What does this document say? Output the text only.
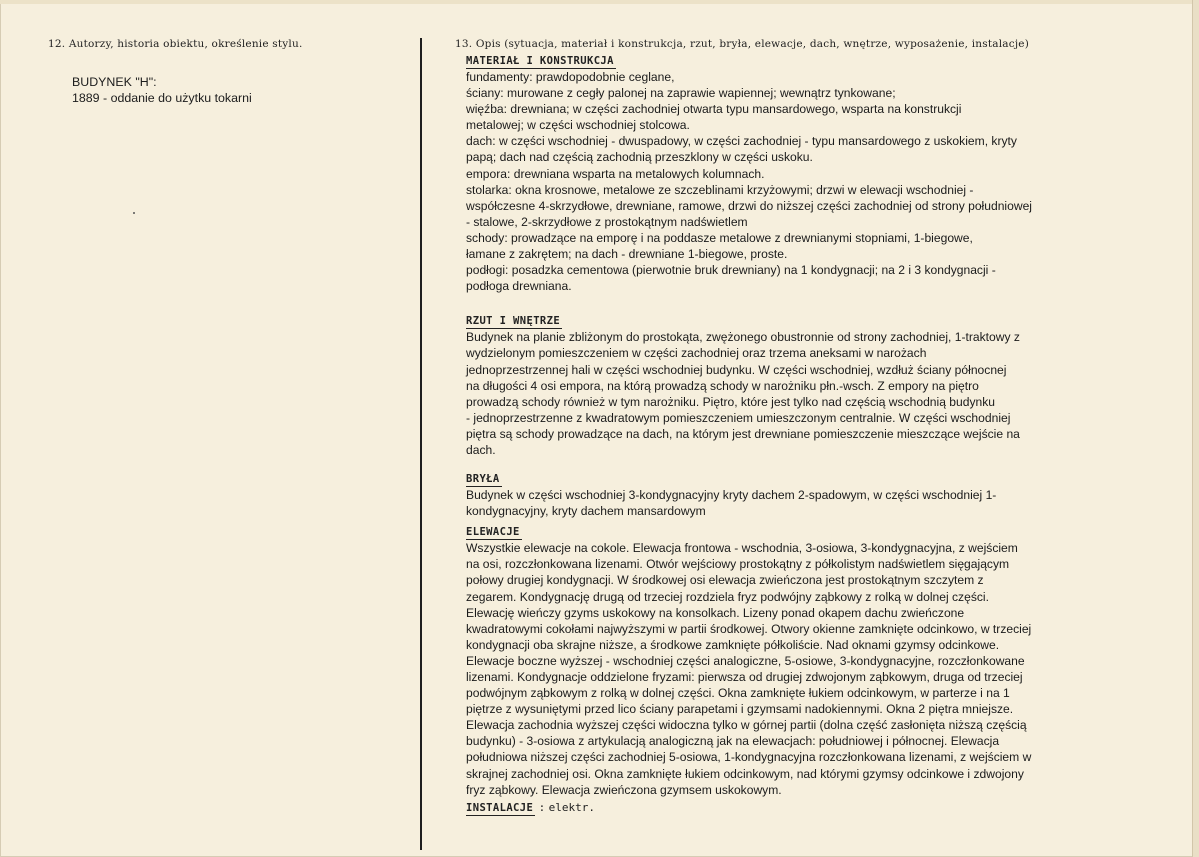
12. Autorzy, historia obiektu, określenie stylu.	13. Opis (sytuacja, materiał i konstrukcja, rzut, bryła, elewacje, dach, wnętrze, wyposażenie, instalacje)
BUDYNEK "H":
1889 - oddanie do użytku tokarni
MATERIAŁ I KONSTRUKCJA
fundamenty: prawdopodobnie ceglane,
ściany: murowane z cegły palonej na zaprawie wapiennej; wewnątrz tynkowane;
więźba: drewniana; w części zachodniej otwarta typu mansardowego, wsparta na konstrukcji
metalowej; w części wschodniej stolcowa.
dach: w części wschodniej - dwuspadowy, w części zachodniej - typu mansardowego z uskokiem, kryty
papą; dach nad częścią zachodnią przeszklony w części uskoku.
empora: drewniana wsparta na metalowych kolumnach.
stolarka: okna krosnowe, metalowe ze szczeblinami krzyżowymi; drzwi w elewacji wschodniej -
współczesne 4-skrzydłowe, drewniane, ramowe, drzwi do niższej części zachodniej od strony południowej
- stalowe, 2-skrzydłowe z prostokątnym nadświetlem
schody: prowadzące na emporę i na poddasze metalowe z drewnianymi stopniami, 1-biegowe,
łamane z zakrętem; na dach - drewniane 1-biegowe, proste.
podłogi: posadzka cementowa (pierwotnie bruk drewniany) na 1 kondygnacji; na 2 i 3 kondygnacji -
podłoga drewniana.
RZUT I WNĘTRZE
Budynek na planie zbliżonym do prostokąta, zwężonego obustronnie od strony zachodniej, 1-traktowy z
wydzielonym pomieszczeniem w części zachodniej oraz trzema aneksami w narożach
jednoprzestrzennej hali w części wschodniej budynku. W części wschodniej, wzdłuż ściany północnej
na długości 4 osi empora, na którą prowadzą schody w narożniku płn.-wsch. Z empory na piętro
prowadzą schody również w tym narożniku. Piętro, które jest tylko nad częścią wschodnią budynku
- jednoprzestrzenne z kwadratowym pomieszczeniem umieszczonym centralnie. W części wschodniej
piętra są schody prowadzące na dach, na którym jest drewniane pomieszczenie mieszczące wejście na
dach.
BRYŁA
Budynek w części wschodniej 3-kondygnacyjny kryty dachem 2-spadowym, w części wschodniej 1-
kondygnacyjny, kryty dachem mansardowym
ELEWACJE
Wszystkie elewacje na cokole. Elewacja frontowa - wschodnia, 3-osiowa, 3-kondygnacyjna, z wejściem
na osi, rozczłonkowana lizenami. Otwór wejściowy prostokątny z półkolistym nadświetlem sięgającym
połowy drugiej kondygnacji. W środkowej osi elewacja zwieńczona jest prostokątnym szczytem z
zegarem. Kondygnację drugą od trzeciej rozdziela fryz podwójny ząbkowy z rolką w dolnej części.
Elewację wieńczy gzyms uskokowy na konsolkach. Lizeny ponad okapem dachu zwieńczone
kwadratowymi cokołami najwyższymi w partii środkowej. Otwory okienne zamknięte odcinkowo, w trzeciej
kondygnacji oba skrajne niższe, a środkowe zamknięte półkoliście. Nad oknami gzymsy odcinkowe.
Elewacje boczne wyższej - wschodniej części analogiczne, 5-osiowe, 3-kondygnacyjne, rozczłonkowane
lizenami. Kondygnacje oddzielone fryzami: pierwsza od drugiej zdwojonym ząbkowym, druga od trzeciej
podwójnym ząbkowym z rolką w dolnej części. Okna zamknięte łukiem odcinkowym, w parterze i na 1
piętrze z wysuniętymi przed lico ściany parapetami i gzymsami nadokiennymi. Okna 2 piętra mniejsze.
Elewacja zachodnia wyższej części widoczna tylko w górnej partii (dolna część zasłonięta niższą częścią
budynku) - 3-osiowa z artykulacją analogiczną jak na elewacjach: południowej i północnej. Elewacja
południowa niższej części zachodniej 5-osiowa, 1-kondygnacyjna rozczłonkowana lizenami, z wejściem w
skrajnej zachodniej osi. Okna zamknięte łukiem odcinkowym, nad którymi gzymsy odcinkowe i zdwojony
fryz ząbkowy. Elewacja zwieńczona gzymsem uskokowym.
INSTALACJE : elektr.
